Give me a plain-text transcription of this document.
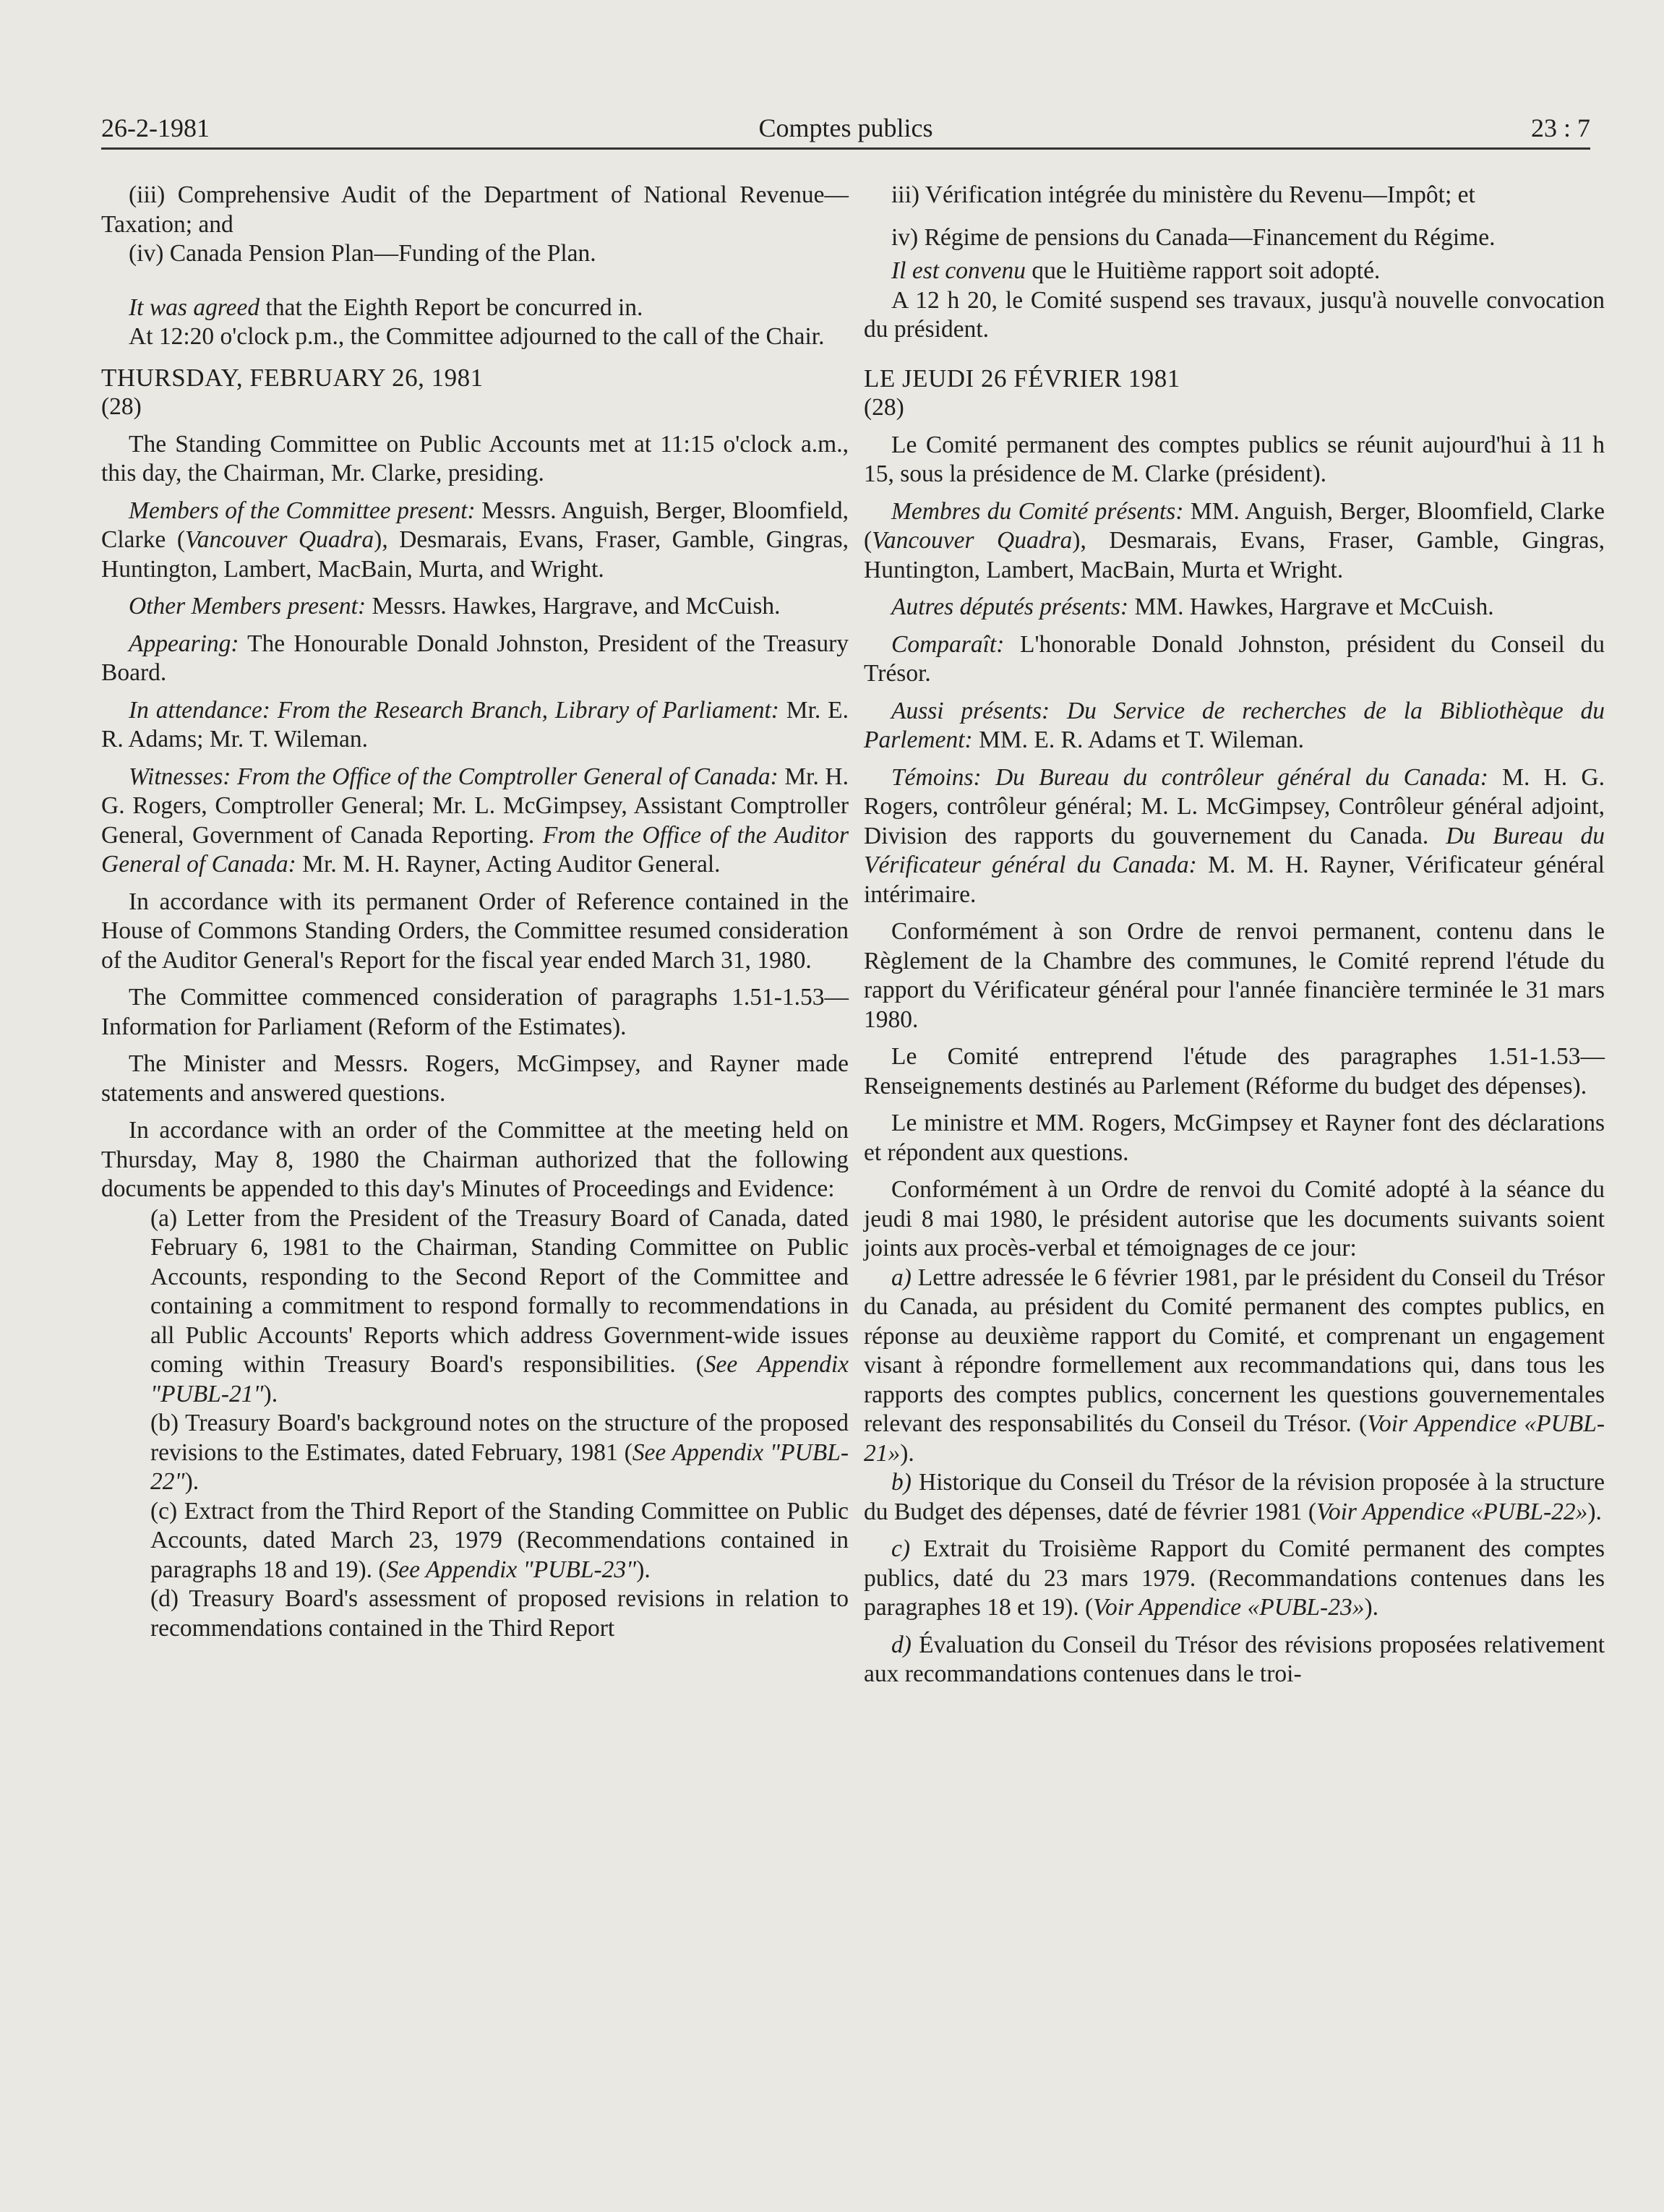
26-2-1981	Comptes publics	23 : 7

(iii) Comprehensive Audit of the Department of National Revenue—Taxation; and

(iv) Canada Pension Plan—Funding of the Plan.

It was agreed that the Eighth Report be concurred in.

At 12:20 o'clock p.m., the Committee adjourned to the call of the Chair.

THURSDAY, FEBRUARY 26, 1981

(28)

The Standing Committee on Public Accounts met at 11:15 o'clock a.m., this day, the Chairman, Mr. Clarke, presiding.

Members of the Committee present: Messrs. Anguish, Berger, Bloomfield, Clarke (Vancouver Quadra), Desmarais, Evans, Fraser, Gamble, Gingras, Huntington, Lambert, MacBain, Murta, and Wright.

Other Members present: Messrs. Hawkes, Hargrave, and McCuish.

Appearing: The Honourable Donald Johnston, President of the Treasury Board.

In attendance: From the Research Branch, Library of Parliament: Mr. E. R. Adams; Mr. T. Wileman.

Witnesses: From the Office of the Comptroller General of Canada: Mr. H. G. Rogers, Comptroller General; Mr. L. McGimpsey, Assistant Comptroller General, Government of Canada Reporting. From the Office of the Auditor General of Canada: Mr. M. H. Rayner, Acting Auditor General.

In accordance with its permanent Order of Reference contained in the House of Commons Standing Orders, the Committee resumed consideration of the Auditor General's Report for the fiscal year ended March 31, 1980.

The Committee commenced consideration of paragraphs 1.51-1.53—Information for Parliament (Reform of the Estimates).

The Minister and Messrs. Rogers, McGimpsey, and Rayner made statements and answered questions.

In accordance with an order of the Committee at the meeting held on Thursday, May 8, 1980 the Chairman authorized that the following documents be appended to this day's Minutes of Proceedings and Evidence:

(a) Letter from the President of the Treasury Board of Canada, dated February 6, 1981 to the Chairman, Standing Committee on Public Accounts, responding to the Second Report of the Committee and containing a commitment to respond formally to recommendations in all Public Accounts' Reports which address Government-wide issues coming within Treasury Board's responsibilities. (See Appendix "PUBL-21").

(b) Treasury Board's background notes on the structure of the proposed revisions to the Estimates, dated February, 1981 (See Appendix "PUBL-22").

(c) Extract from the Third Report of the Standing Committee on Public Accounts, dated March 23, 1979 (Recommendations contained in paragraphs 18 and 19). (See Appendix "PUBL-23").

(d) Treasury Board's assessment of proposed revisions in relation to recommendations contained in the Third Report

iii) Vérification intégrée du ministère du Revenu—Impôt; et

iv) Régime de pensions du Canada—Financement du Régime.

Il est convenu que le Huitième rapport soit adopté.

A 12 h 20, le Comité suspend ses travaux, jusqu'à nouvelle convocation du président.

LE JEUDI 26 FÉVRIER 1981

(28)

Le Comité permanent des comptes publics se réunit aujourd'hui à 11 h 15, sous la présidence de M. Clarke (président).

Membres du Comité présents: MM. Anguish, Berger, Bloomfield, Clarke (Vancouver Quadra), Desmarais, Evans, Fraser, Gamble, Gingras, Huntington, Lambert, MacBain, Murta et Wright.

Autres députés présents: MM. Hawkes, Hargrave et McCuish.

Comparaît: L'honorable Donald Johnston, président du Conseil du Trésor.

Aussi présents: Du Service de recherches de la Bibliothèque du Parlement: MM. E. R. Adams et T. Wileman.

Témoins: Du Bureau du contrôleur général du Canada: M. H. G. Rogers, contrôleur général; M. L. McGimpsey, Contrôleur général adjoint, Division des rapports du gouvernement du Canada. Du Bureau du Vérificateur général du Canada: M. M. H. Rayner, Vérificateur général intérimaire.

Conformément à son Ordre de renvoi permanent, contenu dans le Règlement de la Chambre des communes, le Comité reprend l'étude du rapport du Vérificateur général pour l'année financière terminée le 31 mars 1980.

Le Comité entreprend l'étude des paragraphes 1.51-1.53—Renseignements destinés au Parlement (Réforme du budget des dépenses).

Le ministre et MM. Rogers, McGimpsey et Rayner font des déclarations et répondent aux questions.

Conformément à un Ordre de renvoi du Comité adopté à la séance du jeudi 8 mai 1980, le président autorise que les documents suivants soient joints aux procès-verbal et témoignages de ce jour:

a) Lettre adressée le 6 février 1981, par le président du Conseil du Trésor du Canada, au président du Comité permanent des comptes publics, en réponse au deuxième rapport du Comité, et comprenant un engagement visant à répondre formellement aux recommandations qui, dans tous les rapports des comptes publics, concernent les questions gouvernementales relevant des responsabilités du Conseil du Trésor. (Voir Appendice «PUBL-21»).

b) Historique du Conseil du Trésor de la révision proposée à la structure du Budget des dépenses, daté de février 1981 (Voir Appendice «PUBL-22»).

c) Extrait du Troisième Rapport du Comité permanent des comptes publics, daté du 23 mars 1979. (Recommandations contenues dans les paragraphes 18 et 19). (Voir Appendice «PUBL-23»).

d) Évaluation du Conseil du Trésor des révisions proposées relativement aux recommandations contenues dans le troi-
